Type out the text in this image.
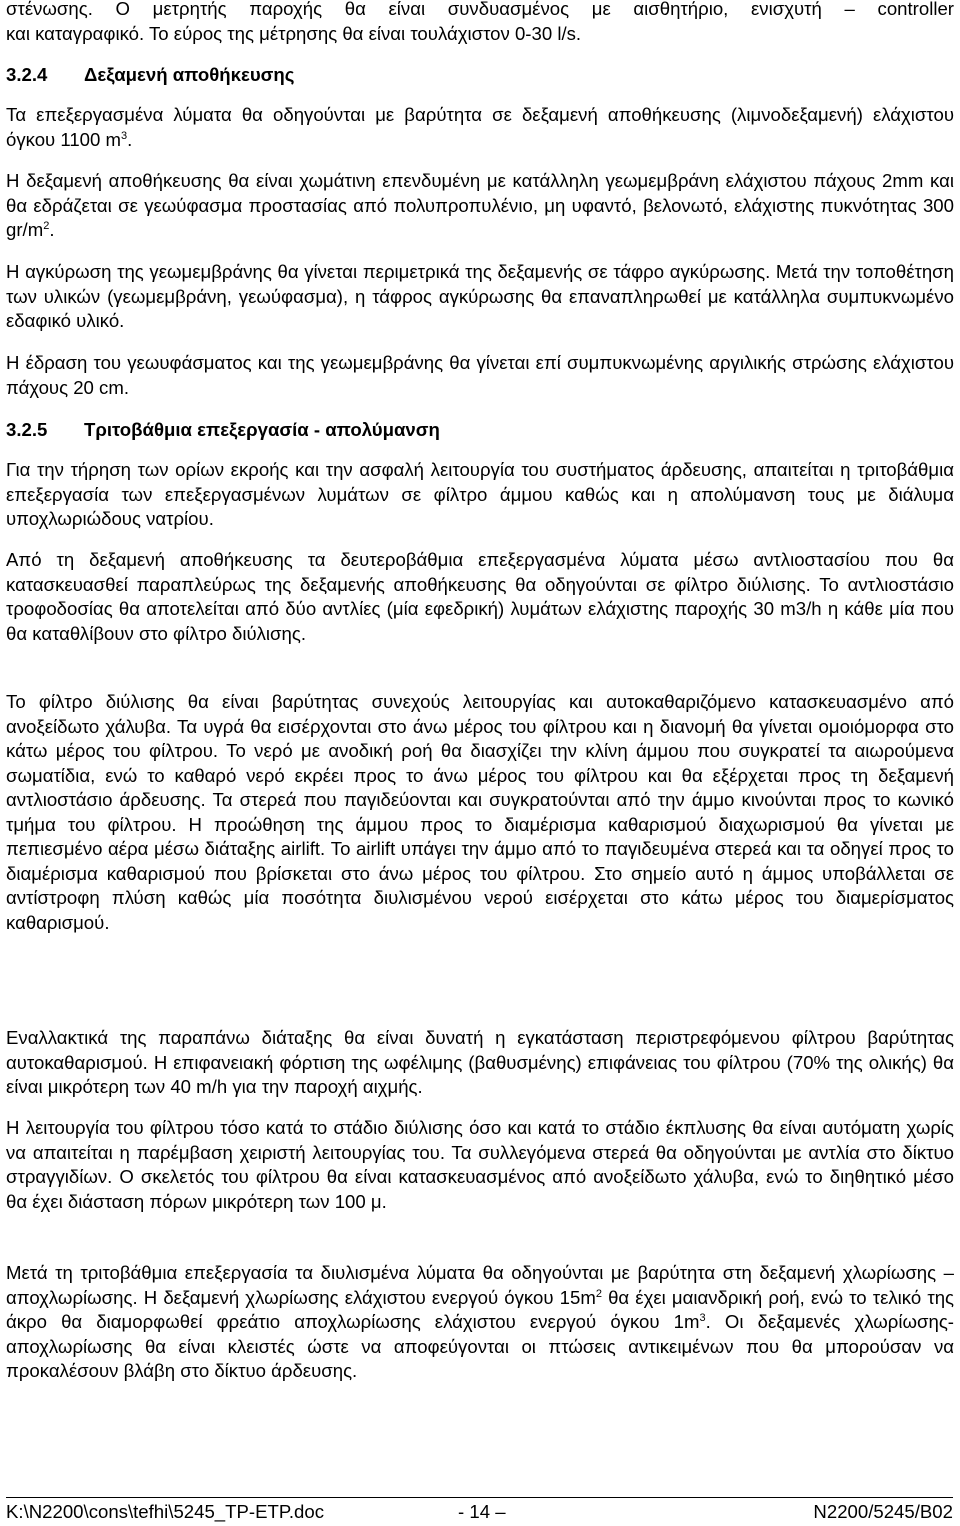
στένωσης. Ο μετρητής παροχής θα είναι συνδυασμένος με αισθητήριο, ενισχυτή – controller

και καταγραφικό. Το εύρος της μέτρησης θα είναι τουλάχιστον 0-30 l/s.

3.2.4 Δεξαμενή αποθήκευσης

Τα επεξεργασμένα λύματα θα οδηγούνται με βαρύτητα σε δεξαμενή αποθήκευσης (λιμνοδεξαμενή) ελάχιστου όγκου 1100 $m^3$.

Η δεξαμενή αποθήκευσης θα είναι χωμάτινη επενδυμένη με κατάλληλη γεωμεμβράνη ελάχιστου πάχους 2mm και θα εδράζεται σε γεωύφασμα προστασίας από πολυπροπυλένιο, μη υφαντό, βελονωτό, ελάχιστης πυκνότητας 300 $gr/m^2$.

Η αγκύρωση της γεωμεμβράνης θα γίνεται περιμετρικά της δεξαμενής σε τάφρο αγκύρωσης. Μετά την τοποθέτηση των υλικών (γεωμεμβράνη, γεωύφασμα), η τάφρος αγκύρωσης θα επαναπληρωθεί με κατάλληλα συμπυκνωμένο εδαφικό υλικό.

Η έδραση του γεωυφάσματος και της γεωμεμβράνης θα γίνεται επί συμπυκνωμένης αργιλικής στρώσης ελάχιστου πάχους 20 cm.

3.2.5 Τριτοβάθμια επεξεργασία - απολύμανση

Για την τήρηση των ορίων εκροής και την ασφαλή λειτουργία του συστήματος άρδευσης, απαιτείται η τριτοβάθμια επεξεργασία των επεξεργασμένων λυμάτων σε φίλτρο άμμου καθώς και η απολύμανση τους με διάλυμα υποχλωριώδους νατρίου.

Από τη δεξαμενή αποθήκευσης τα δευτεροβάθμια επεξεργασμένα λύματα μέσω αντλιοστασίου που θα κατασκευασθεί παραπλεύρως της δεξαμενής αποθήκευσης θα οδηγούνται σε φίλτρο διύλισης. Το αντλιοστάσιο τροφοδοσίας θα αποτελείται από δύο αντλίες (μία εφεδρική) λυμάτων ελάχιστης παροχής 30 m3/h η κάθε μία που θα καταθλίβουν στο φίλτρο διύλισης.

Το φίλτρο διύλισης θα είναι βαρύτητας συνεχούς λειτουργίας και αυτοκαθαριζόμενο κατασκευασμένο από ανοξείδωτο χάλυβα. Τα υγρά θα εισέρχονται στο άνω μέρος του φίλτρου και η διανομή θα γίνεται ομοιόμορφα στο κάτω μέρος του φίλτρου. Το νερό με ανοδική ροή θα διασχίζει την κλίνη άμμου που συγκρατεί τα αιωρούμενα σωματίδια, ενώ το καθαρό νερό εκρέει προς το άνω μέρος του φίλτρου και θα εξέρχεται προς τη δεξαμενή αντλιοστάσιο άρδευσης. Τα στερεά που παγιδεύονται και συγκρατούνται από την άμμο κινούνται προς το κωνικό τμήμα του φίλτρου. Η προώθηση της άμμου προς το διαμέρισμα καθαρισμού διαχωρισμού θα γίνεται με πεπιεσμένο αέρα μέσω διάταξης airlift. Το airlift υπάγει την άμμο από το παγιδευμένα στερεά και τα οδηγεί προς το διαμέρισμα καθαρισμού που βρίσκεται στο άνω μέρος του φίλτρου. Στο σημείο αυτό η άμμος υποβάλλεται σε αντίστροφη πλύση καθώς μία ποσότητα διυλισμένου νερού εισέρχεται στο κάτω μέρος του διαμερίσματος καθαρισμού.

Εναλλακτικά της παραπάνω διάταξης θα είναι δυνατή η εγκατάσταση περιστρεφόμενου φίλτρου βαρύτητας αυτοκαθαρισμού. Η επιφανειακή φόρτιση της ωφέλιμης (βαθυσμένης) επιφάνειας του φίλτρου (70% της ολικής) θα είναι μικρότερη των 40 m/h για την παροχή αιχμής.

Η λειτουργία του φίλτρου τόσο κατά το στάδιο διύλισης όσο και κατά το στάδιο έκπλυσης θα είναι αυτόματη χωρίς να απαιτείται η παρέμβαση χειριστή λειτουργίας του. Τα συλλεγόμενα στερεά θα οδηγούνται με αντλία στο δίκτυο στραγγιδίων. Ο σκελετός του φίλτρου θα είναι κατασκευασμένος από ανοξείδωτο χάλυβα, ενώ το διηθητικό μέσο θα έχει διάσταση πόρων μικρότερη των 100 μ.

Μετά τη τριτοβάθμια επεξεργασία τα διυλισμένα λύματα θα οδηγούνται με βαρύτητα στη δεξαμενή χλωρίωσης – αποχλωρίωσης. Η δεξαμενή χλωρίωσης ελάχιστου ενεργού όγκου $15m^2$ θα έχει μαιανδρική ροή, ενώ το τελικό της άκρο θα διαμορφωθεί φρεάτιο αποχλωρίωσης ελάχιστου ενεργού όγκου $1m^3$. Οι δεξαμενές χλωρίωσης-αποχλωρίωσης θα είναι κλειστές ώστε να αποφεύγονται οι πτώσεις αντικειμένων που θα μπορούσαν να προκαλέσουν βλάβη στο δίκτυο άρδευσης.

K:\N2200\cons\tefhi\5245_TP-ETP.doc	- 14 –	N2200/5245/B02
